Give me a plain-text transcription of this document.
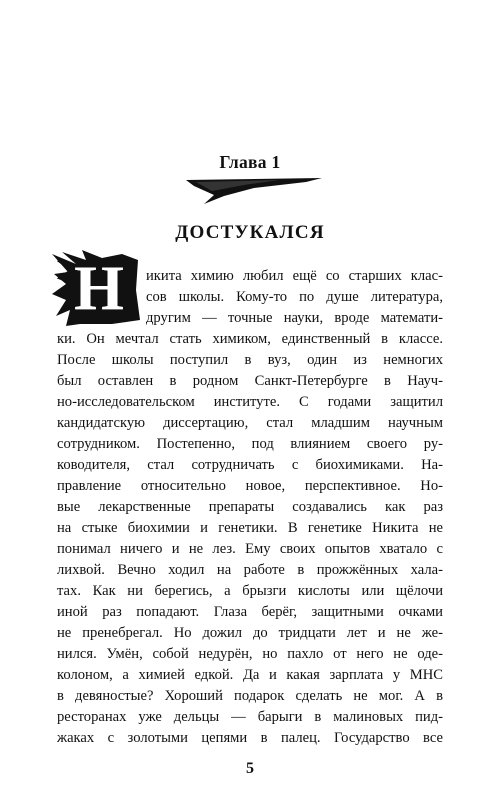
Глава 1
ДОСТУКАЛСЯ
Н	икита химию любил ещё со старших клас-
сов школы. Кому-то по душе литература,
другим — точные науки, вроде математи-
ки. Он мечтал стать химиком, единственный в классе.
После школы поступил в вуз, один из немногих
был оставлен в родном Санкт-Петербурге в Науч-
но-исследовательском институте. С годами защитил
кандидатскую диссертацию, стал младшим научным
сотрудником. Постепенно, под влиянием своего ру-
ководителя, стал сотрудничать с биохимиками. На-
правление относительно новое, перспективное. Но-
вые лекарственные препараты создавались как раз
на стыке биохимии и генетики. В генетике Никита не
понимал ничего и не лез. Ему своих опытов хватало с
лихвой. Вечно ходил на работе в прожжённых хала-
тах. Как ни берегись, а брызги кислоты или щёлочи
иной раз попадают. Глаза берёг, защитными очками
не пренебрегал. Но дожил до тридцати лет и не же-
нился. Умён, собой недурён, но пахло от него не оде-
колоном, а химией едкой. Да и какая зарплата у МНС
в девяностые? Хороший подарок сделать не мог. А в
ресторанах уже дельцы — барыги в малиновых пид-
жаках с золотыми цепями в палец. Государство все
5
